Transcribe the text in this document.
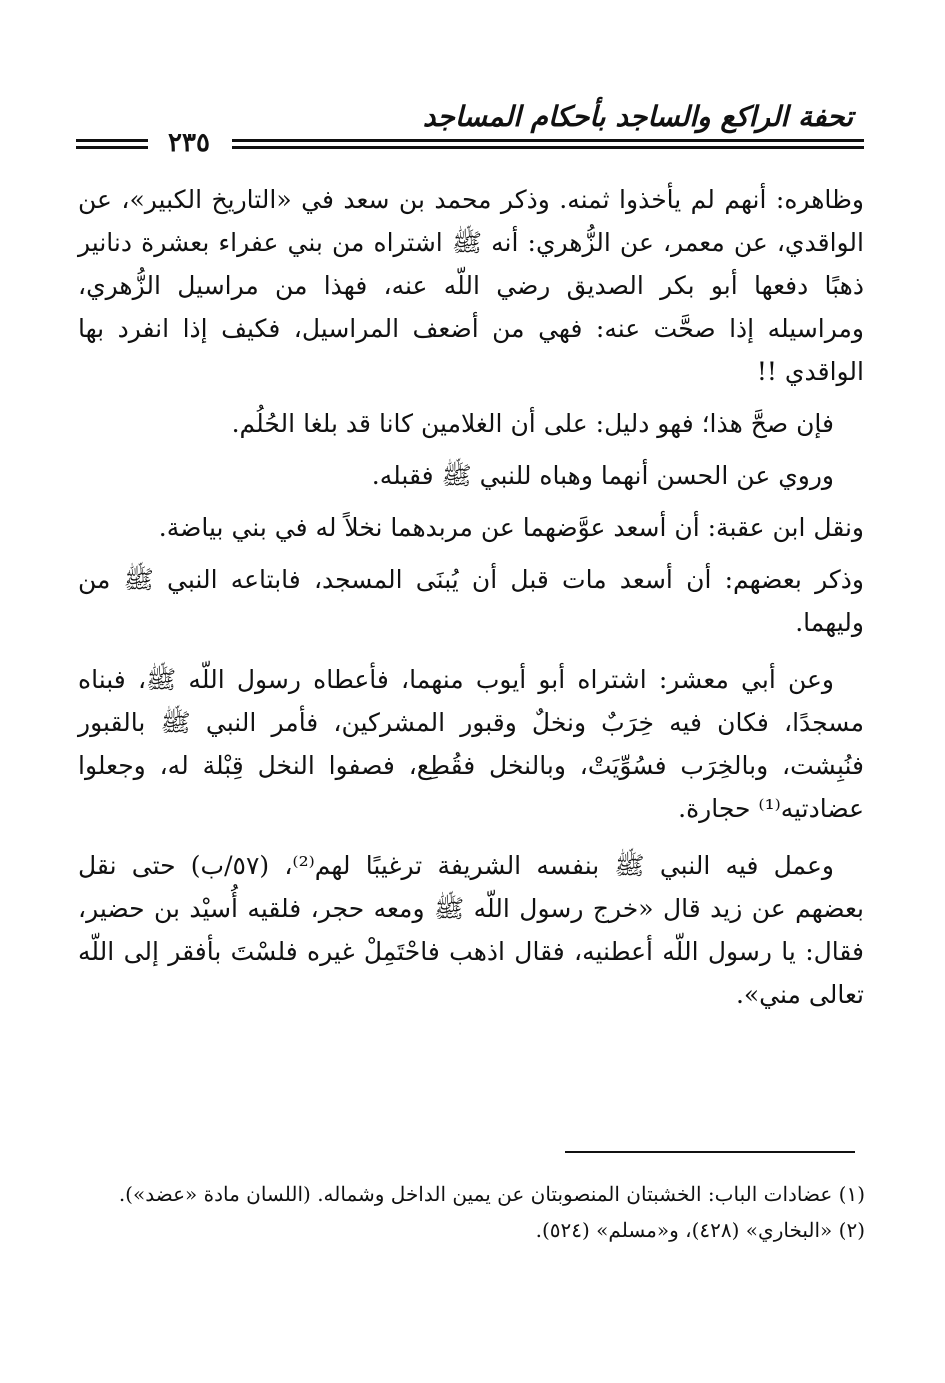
تحفة الراكع والساجد بأحكام المساجد
٢٣٥

وظاهره: أنهم لم يأخذوا ثمنه. وذكر محمد بن سعد في «التاريخ الكبير»، عن الواقدي، عن معمر، عن الزُّهري: أنه ﷺ اشتراه من بني عفراء بعشرة دنانير ذهبًا دفعها أبو بكر الصديق رضي اللّه عنه، فهذا من مراسيل الزُّهري، ومراسيله إذا صحَّت عنه: فهي من أضعف المراسيل، فكيف إذا انفرد بها الواقدي !!

فإن صحَّ هذا؛ فهو دليل: على أن الغلامين كانا قد بلغا الحُلُم.

وروي عن الحسن أنهما وهباه للنبي ﷺ فقبله.

ونقل ابن عقبة: أن أسعد عوَّضهما عن مربدهما نخلاً له في بني بياضة.

وذكر بعضهم: أن أسعد مات قبل أن يُبنَى المسجد، فابتاعه النبي ﷺ من وليهما.

وعن أبي معشر: اشتراه أبو أيوب منهما، فأعطاه رسول اللّه ﷺ، فبناه مسجدًا، فكان فيه خِرَبٌ ونخلٌ وقبور المشركين، فأمر النبي ﷺ بالقبور فنُبِشت، وبالخِرَب فسُوِّيَتْ، وبالنخل فقُطِع، فصفوا النخل قِبْلة له، وجعلوا عضادتيه⁽¹⁾ حجارة.

وعمل فيه النبي ﷺ بنفسه الشريفة ترغيبًا لهم⁽²⁾، (٥٧/ب) حتى نقل بعضهم عن زيد قال «خرج رسول اللّه ﷺ ومعه حجر، فلقيه أُسيْد بن حضير، فقال: يا رسول اللّه أعطنيه، فقال اذهب فاحْتَمِلْ غيره فلسْتَ بأفقر إلى اللّه تعالى مني».

(١) عضادات الباب: الخشبتان المنصوبتان عن يمين الداخل وشماله. (اللسان مادة «عضد»).
(٢) «البخاري» (٤٢٨)، و«مسلم» (٥٢٤).
